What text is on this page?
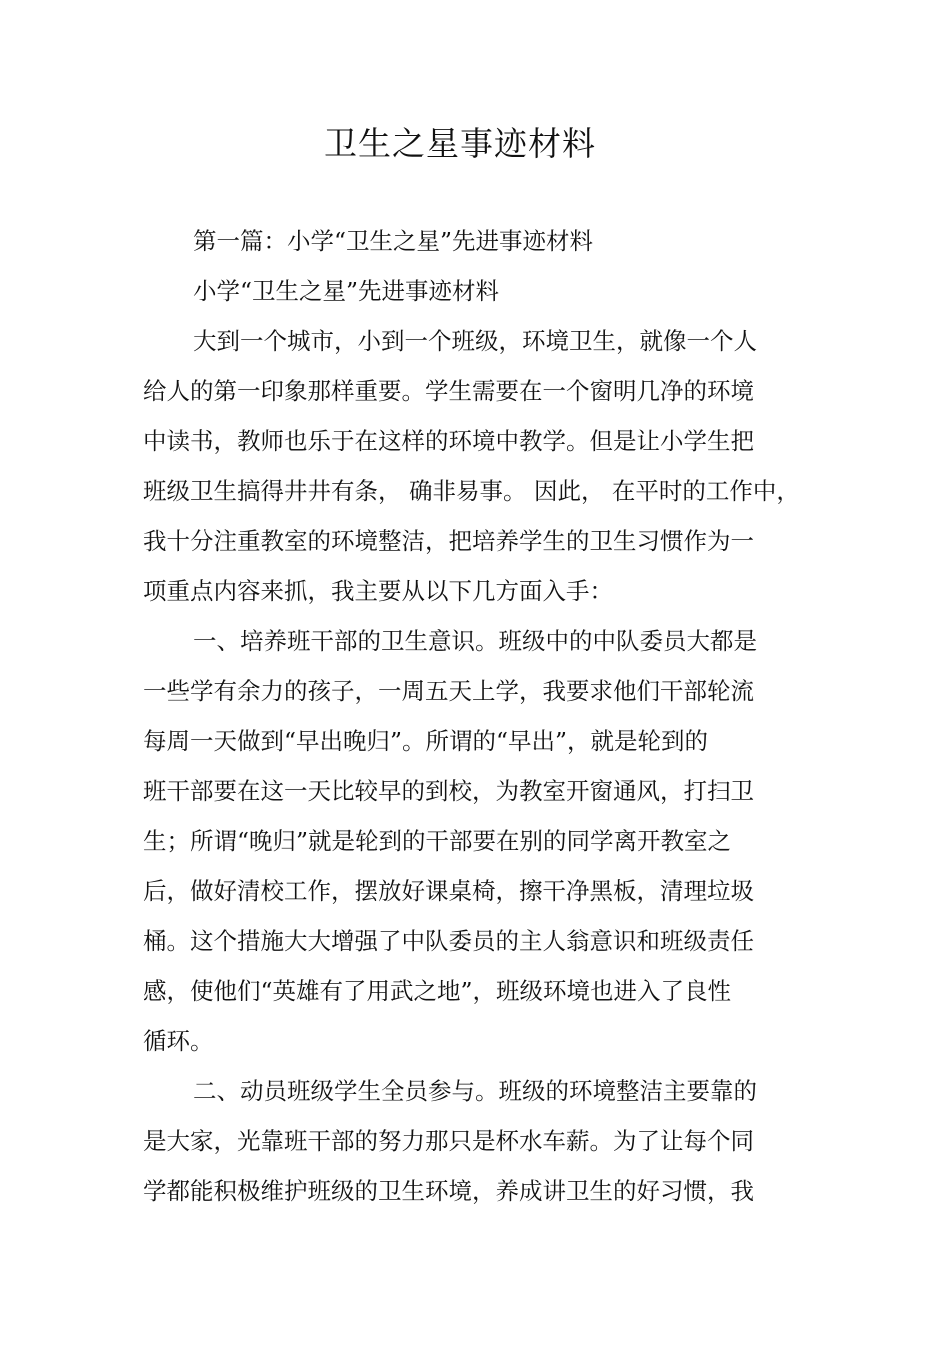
卫生之星事迹材料

第一篇：小学“卫生之星”先进事迹材料

小学“卫生之星”先进事迹材料

大到一个城市，小到一个班级，环境卫生，就像一个人

给人的第一印象那样重要。学生需要在一个窗明几净的环境

中读书，教师也乐于在这样的环境中教学。但是让小学生把

班级卫生搞得井井有条， 确非易事。 因此， 在平时的工作中，

我十分注重教室的环境整洁，把培养学生的卫生习惯作为一

项重点内容来抓，我主要从以下几方面入手：

一、培养班干部的卫生意识。班级中的中队委员大都是

一些学有余力的孩子，一周五天上学，我要求他们干部轮流

每周一天做到“早出晚归”。所谓的“早出”，就是轮到的

班干部要在这一天比较早的到校，为教室开窗通风，打扫卫

生；所谓“晚归”就是轮到的干部要在别的同学离开教室之

后，做好清校工作，摆放好课桌椅，擦干净黑板，清理垃圾

桶。这个措施大大增强了中队委员的主人翁意识和班级责任

感，使他们“英雄有了用武之地”，班级环境也进入了良性

循环。

二、动员班级学生全员参与。班级的环境整洁主要靠的

是大家，光靠班干部的努力那只是杯水车薪。为了让每个同

学都能积极维护班级的卫生环境，养成讲卫生的好习惯，我
